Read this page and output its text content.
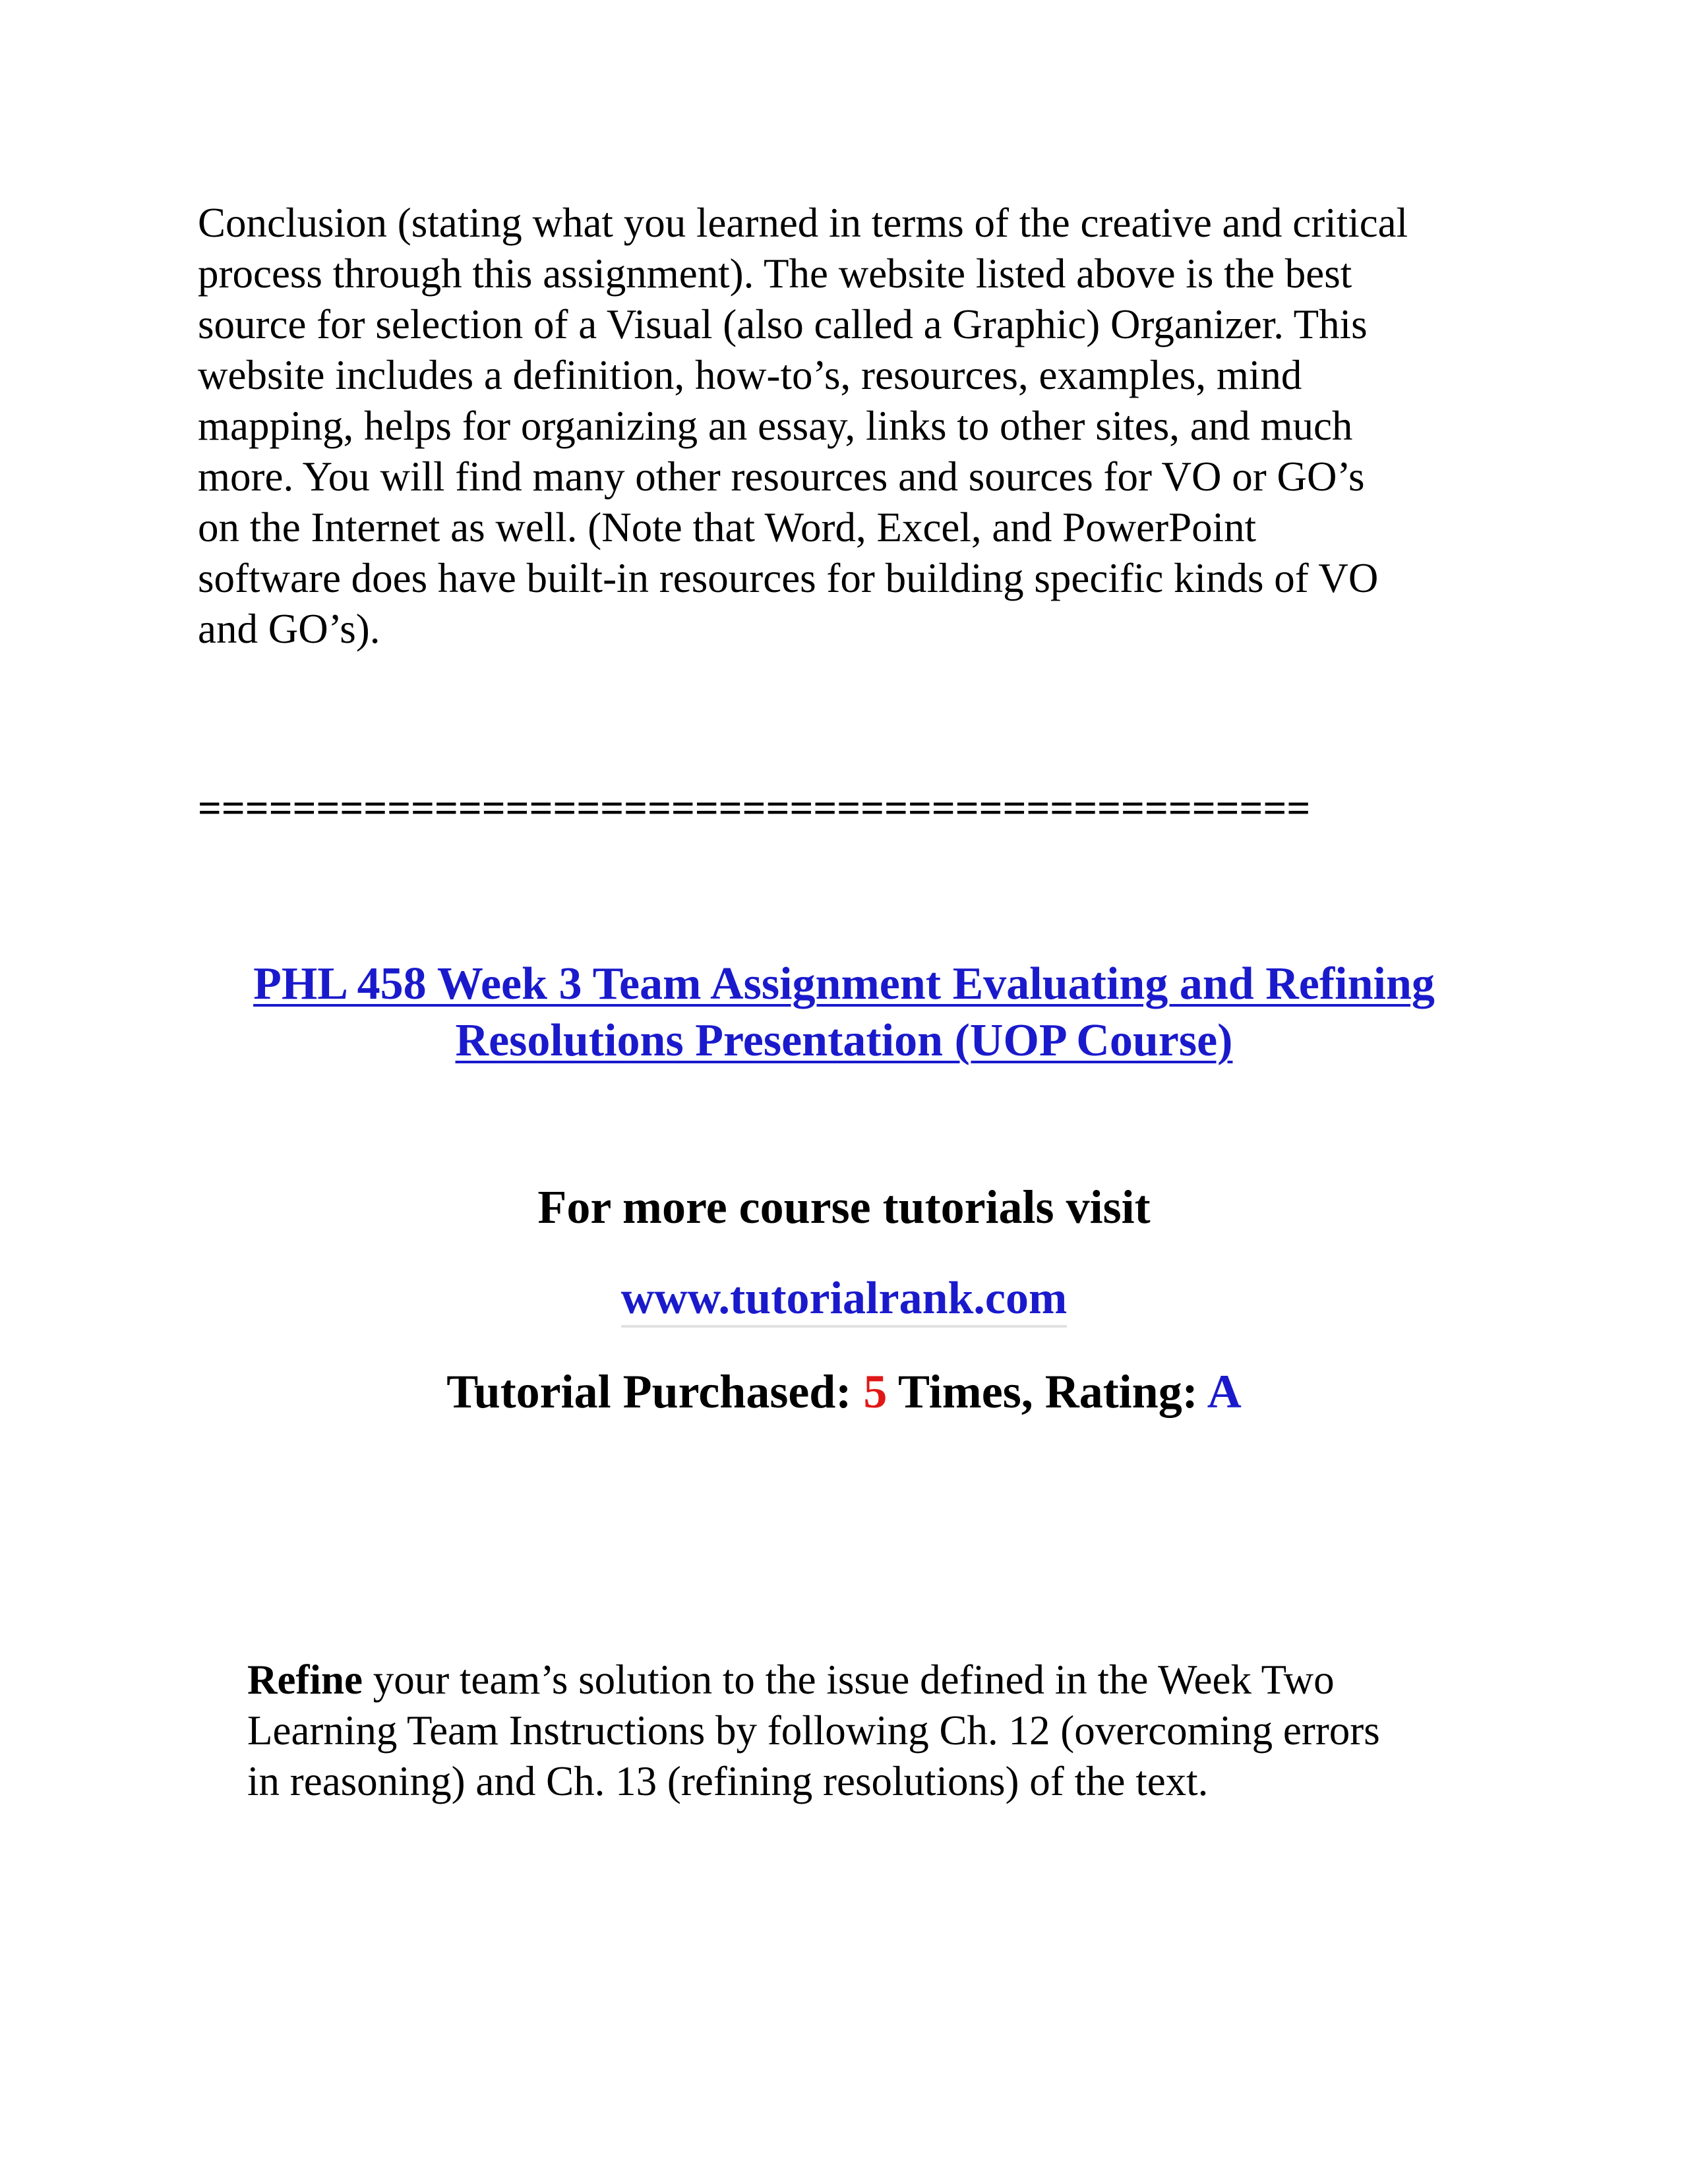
Conclusion (stating what you learned in terms of the creative and critical
process through this assignment). The website listed above is the best
source for selection of a Visual (also called a Graphic) Organizer. This
website includes a definition, how-to’s, resources, examples, mind
mapping, helps for organizing an essay, links to other sites, and much
more. You will find many other resources and sources for VO or GO’s
on the Internet as well. (Note that Word, Excel, and PowerPoint
software does have built-in resources for building specific kinds of VO
and GO’s).
===============================================
PHL 458 Week 3 Team Assignment Evaluating and Refining
Resolutions Presentation (UOP Course)
For more course tutorials visit
www.tutorialrank.com
Tutorial Purchased: 5 Times, Rating: A
Refine your team’s solution to the issue defined in the Week Two
Learning Team Instructions by following Ch. 12 (overcoming errors
in reasoning) and Ch. 13 (refining resolutions) of the text.
